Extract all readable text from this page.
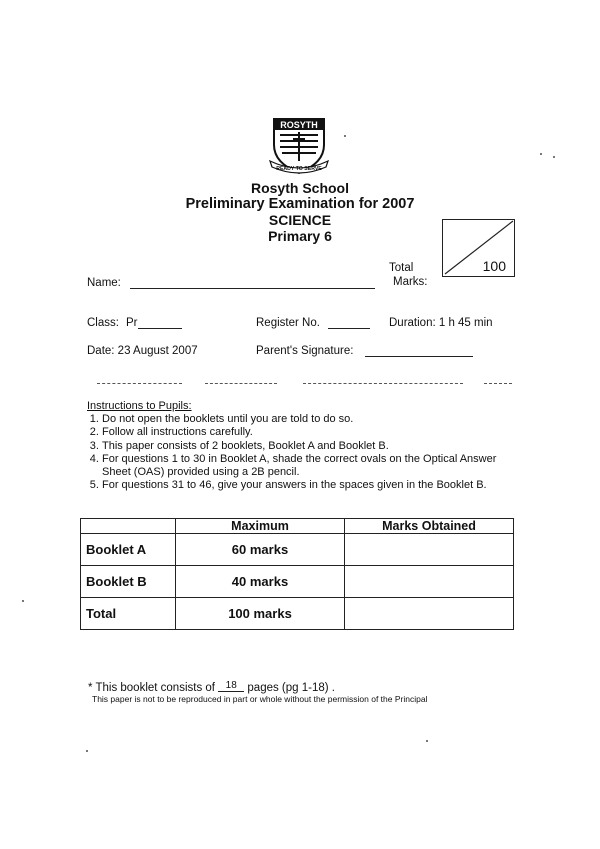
ROSYTH
READY TO SERVE
Rosyth School
Preliminary Examination for 2007
SCIENCE
Primary 6
Total
Marks:
100
Name:
Class: Pr	Register No.	Duration: 1 h 45 min
Date: 23 August 2007	Parent's Signature:
Instructions to Pupils:
1. Do not open the booklets until you are told to do so.
2. Follow all instructions carefully.
3. This paper consists of 2 booklets, Booklet A and Booklet B.
4. For questions 1 to 30 in Booklet A, shade the correct ovals on the Optical Answer Sheet (OAS) provided using a 2B pencil.
5. For questions 31 to 46, give your answers in the spaces given in the Booklet B.
	Maximum	Marks Obtained
Booklet A	60 marks	
Booklet B	40 marks	
Total	100 marks	
* This booklet consists of 18 pages (pg 1-18) .
This paper is not to be reproduced in part or whole without the permission of the Principal
